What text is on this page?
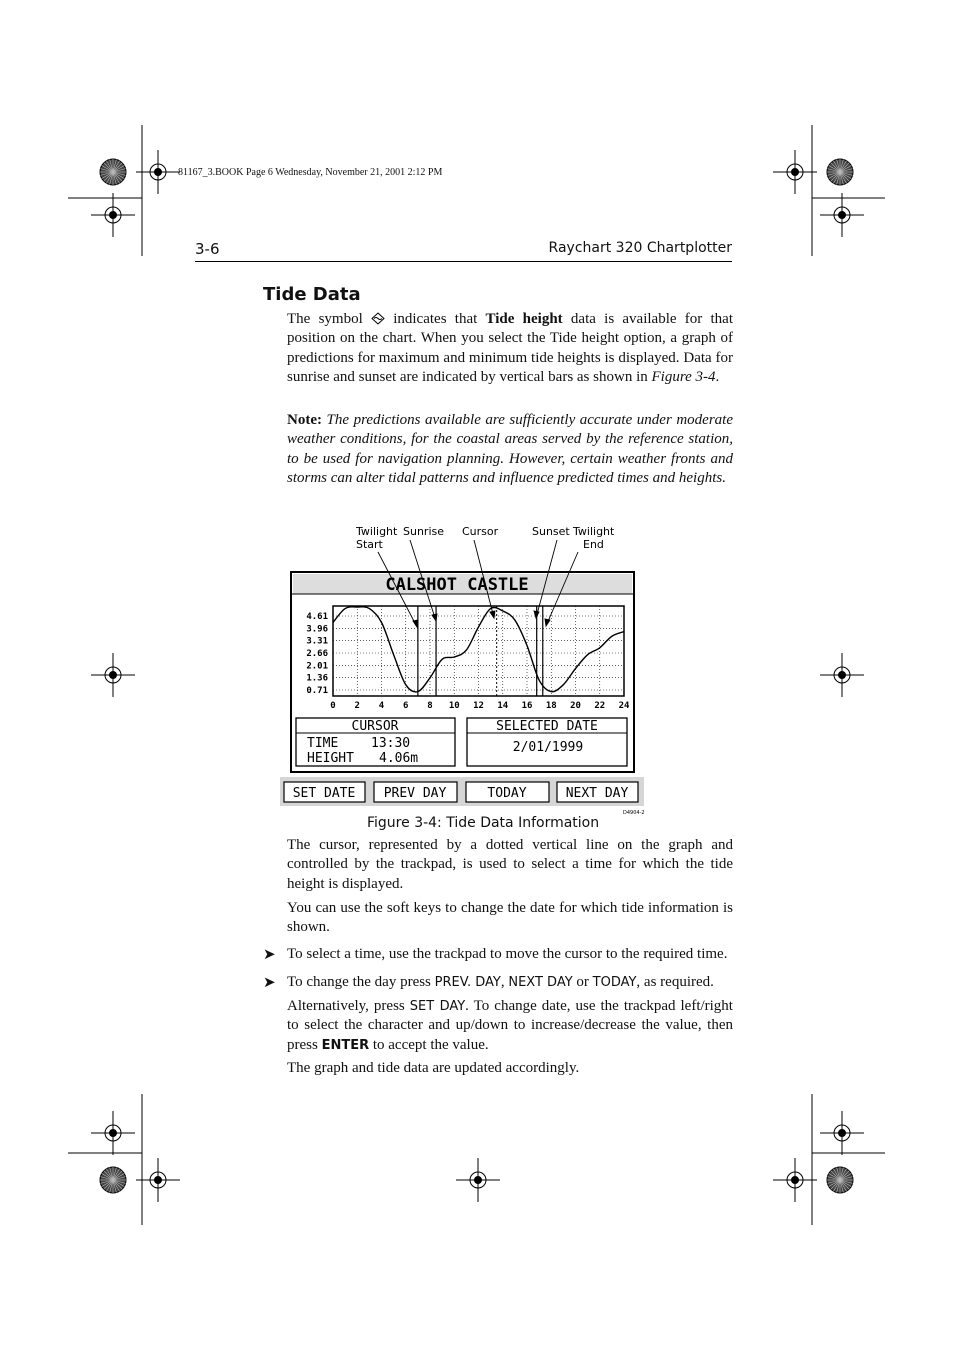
81167_3.BOOK Page 6 Wednesday, November 21, 2001 2:12 PM
3-6	Raychart 320 Chartplotter
Tide Data
The symbol  indicates that Tide height data is available for that position on the chart. When you select the Tide height option, a graph of predictions for maximum and minimum tide heights is displayed. Data for sunrise and sunset are indicated by vertical bars as shown in Figure 3-4.
Note: The predictions available are sufficiently accurate under moderate weather conditions, for the coastal areas served by the reference station, to be used for navigation planning. However, certain weather fronts and storms can alter tidal patterns and influence predicted times and heights.
Twilight
Start
Sunrise Cursor	Sunset Twilight
End
CALSHOT CASTLE
4.61
3.96
3.31
2.66
2.01
1.36
0.71
0 2 4 6 8 10 12 14 16 18 20 22 24
CURSOR
TIME	13:30
HEIGHT 4.06m
SELECTED DATE
2/01/1999
SET DATE PREV DAY	TODAY	NEXT DAY
D4904-2
Figure 3-4: Tide Data Information
The cursor, represented by a dotted vertical line on the graph and controlled by the trackpad, is used to select a time for which the tide height is displayed.
You can use the soft keys to change the date for which tide information is shown.
➤ To select a time, use the trackpad to move the cursor to the required time.
➤ To change the day press PREV. DAY, NEXT DAY or TODAY, as required.
Alternatively, press SET DAY. To change date, use the trackpad left/right to select the character and up/down to increase/decrease the value, then press ENTER to accept the value.
The graph and tide data are updated accordingly.
